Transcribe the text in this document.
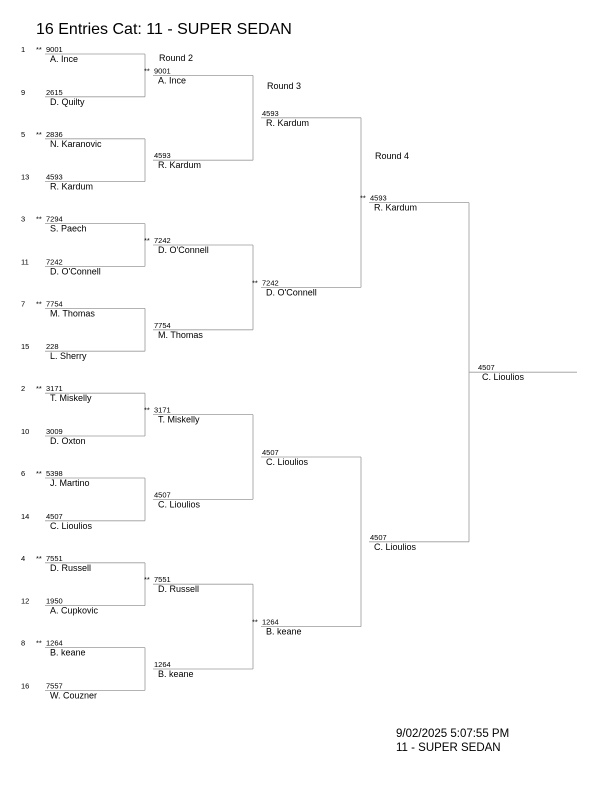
16 Entries Cat: 11 - SUPER SEDAN
1 ** 9001
A. Ince
9	2615
D. Quilty
5 ** 2836
N. Karanovic
13 4593
R. Kardum
3 ** 7294
S. Paech
11 7242
D. O'Connell
7 ** 7754
M. Thomas
15 228
L. Sherry
2 ** 3171
T. Miskelly
10 3009
D. Oxton
6 ** 5398
J. Martino
14 4507
C. Lioulios
4 ** 7551
D. Russell
12 1950
A. Cupkovic
8 ** 1264
B. keane
16 7557
W. Couzner
** 9001
A. Ince
4593
R. Kardum
** 7242
D. O'Connell
7754
M. Thomas
** 3171
T. Miskelly
4507
C. Lioulios
** 7551
D. Russell
1264
B. keane
4593
R. Kardum
** 7242
D. O'Connell
4507
C. Lioulios
** 1264
B. keane
** 4593
R. Kardum
4507
C. Lioulios
4507
C. Lioulios
Round 2
Round 3
Round 4
9/02/2025 5:07:55 PM
11 - SUPER SEDAN
